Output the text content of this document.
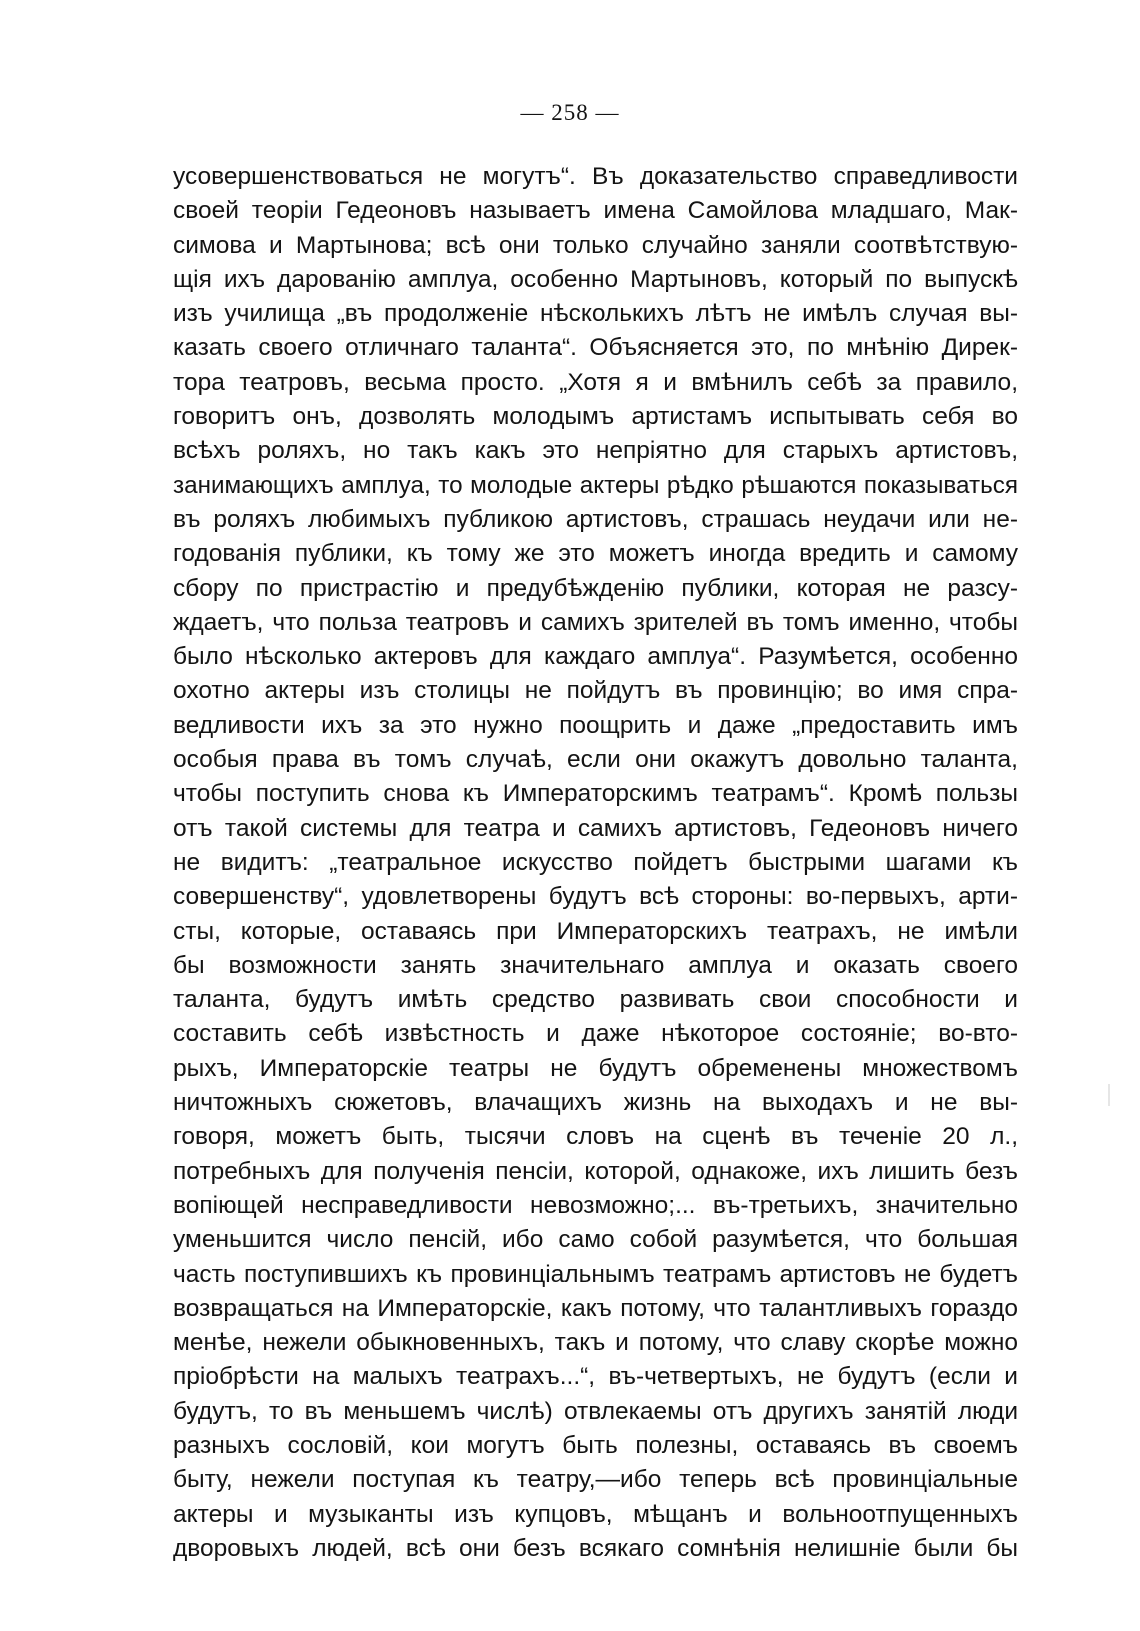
— 258 —
усовершенствоваться не могутъ“. Въ доказательство справедливости
своей теоріи Гедеоновъ называетъ имена Самойлова младшаго, Мак-
симова и Мартынова; всѣ они только случайно заняли соотвѣтствую-
щія ихъ дарованію амплуа, особенно Мартыновъ, который по выпускѣ
изъ училища „въ продолженіе нѣсколькихъ лѣтъ не имѣлъ случая вы-
казать своего отличнаго таланта“. Объясняется это, по мнѣнію Дирек-
тора театровъ, весьма просто. „Хотя я и вмѣнилъ себѣ за правило,
говоритъ онъ, дозволять молодымъ артистамъ испытывать себя во
всѣхъ роляхъ, но такъ какъ это непріятно для старыхъ артистовъ,
занимающихъ амплуа, то молодые актеры рѣдко рѣшаются показываться
въ роляхъ любимыхъ публикою артистовъ, страшась неудачи или не-
годованія публики, къ тому же это можетъ иногда вредить и самому
сбору по пристрастію и предубѣжденію публики, которая не разсу-
ждаетъ, что польза театровъ и самихъ зрителей въ томъ именно, чтобы
было нѣсколько актеровъ для каждаго амплуа“. Разумѣется, особенно
охотно актеры изъ столицы не пойдутъ въ провинцію; во имя спра-
ведливости ихъ за это нужно поощрить и даже „предоставить имъ
особыя права въ томъ случаѣ, если они окажутъ довольно таланта,
чтобы поступить снова къ Императорскимъ театрамъ“. Кромѣ пользы
отъ такой системы для театра и самихъ артистовъ, Гедеоновъ ничего
не видитъ: „театральное искусство пойдетъ быстрыми шагами къ
совершенству“, удовлетворены будутъ всѣ стороны: во-первыхъ, арти-
сты, которые, оставаясь при Императорскихъ театрахъ, не имѣли
бы возможности занять значительнаго амплуа и оказать своего
таланта, будутъ имѣть средство развивать свои способности и
составить себѣ извѣстность и даже нѣкоторое состояніе; во-вто-
рыхъ, Императорскіе театры не будутъ обременены множествомъ
ничтожныхъ сюжетовъ, влачащихъ жизнь на выходахъ и не вы-
говоря, можетъ быть, тысячи словъ на сценѣ въ теченіе 20 л.,
потребныхъ для полученія пенсіи, которой, однакоже, ихъ лишить безъ
вопіющей несправедливости невозможно;... въ-третьихъ, значительно
уменьшится число пенсій, ибо само собой разумѣется, что большая
часть поступившихъ къ провинціальнымъ театрамъ артистовъ не будетъ
возвращаться на Императорскіе, какъ потому, что талантливыхъ гораздо
менѣе, нежели обыкновенныхъ, такъ и потому, что славу скорѣе можно
пріобрѣсти на малыхъ театрахъ...“, въ-четвертыхъ, не будутъ (если и
будутъ, то въ меньшемъ числѣ) отвлекаемы отъ другихъ занятій люди
разныхъ сословій, кои могутъ быть полезны, оставаясь въ своемъ
быту, нежели поступая къ театру,—ибо теперь всѣ провинціальные
актеры и музыканты изъ купцовъ, мѣщанъ и вольноотпущенныхъ
дворовыхъ людей, всѣ они безъ всякаго сомнѣнія нелишніе были бы
